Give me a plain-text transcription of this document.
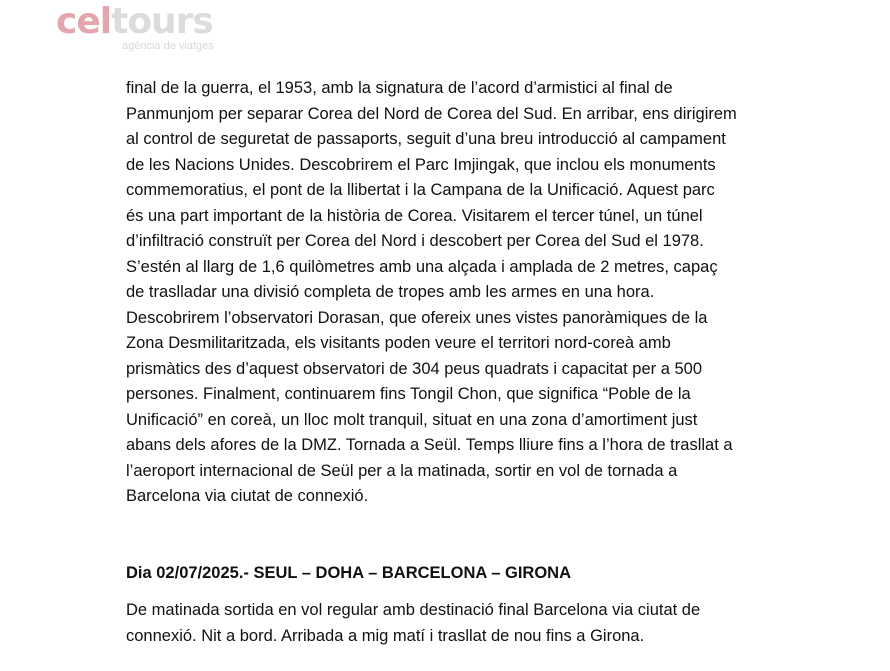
celtours
agència de viatges

final de la guerra, el 1953, amb la signatura de l’acord d’armistici al final de
Panmunjom per separar Corea del Nord de Corea del Sud. En arribar, ens dirigirem
al control de seguretat de passaports, seguit d’una breu introducció al campament
de les Nacions Unides. Descobrirem el Parc Imjingak, que inclou els monuments
commemoratius, el pont de la llibertat i la Campana de la Unificació. Aquest parc
és una part important de la història de Corea. Visitarem el tercer túnel, un túnel
d’infiltració construït per Corea del Nord i descobert per Corea del Sud el 1978.
S’estén al llarg de 1,6 quilòmetres amb una alçada i amplada de 2 metres, capaç
de traslladar una divisió completa de tropes amb les armes en una hora.
Descobrirem l’observatori Dorasan, que ofereix unes vistes panoràmiques de la
Zona Desmilitaritzada, els visitants poden veure el territori nord-coreà amb
prismàtics des d’aquest observatori de 304 peus quadrats i capacitat per a 500
persones. Finalment, continuarem fins Tongil Chon, que significa “Poble de la
Unificació” en coreà, un lloc molt tranquil, situat en una zona d’amortiment just
abans dels afores de la DMZ. Tornada a Seül. Temps lliure fins a l’hora de trasllat a
l’aeroport internacional de Seül per a la matinada, sortir en vol de tornada a
Barcelona via ciutat de connexió.

Dia 02/07/2025.- SEUL – DOHA – BARCELONA – GIRONA

De matinada sortida en vol regular amb destinació final Barcelona via ciutat de
connexió. Nit a bord. Arribada a mig matí i trasllat de nou fins a Girona.
